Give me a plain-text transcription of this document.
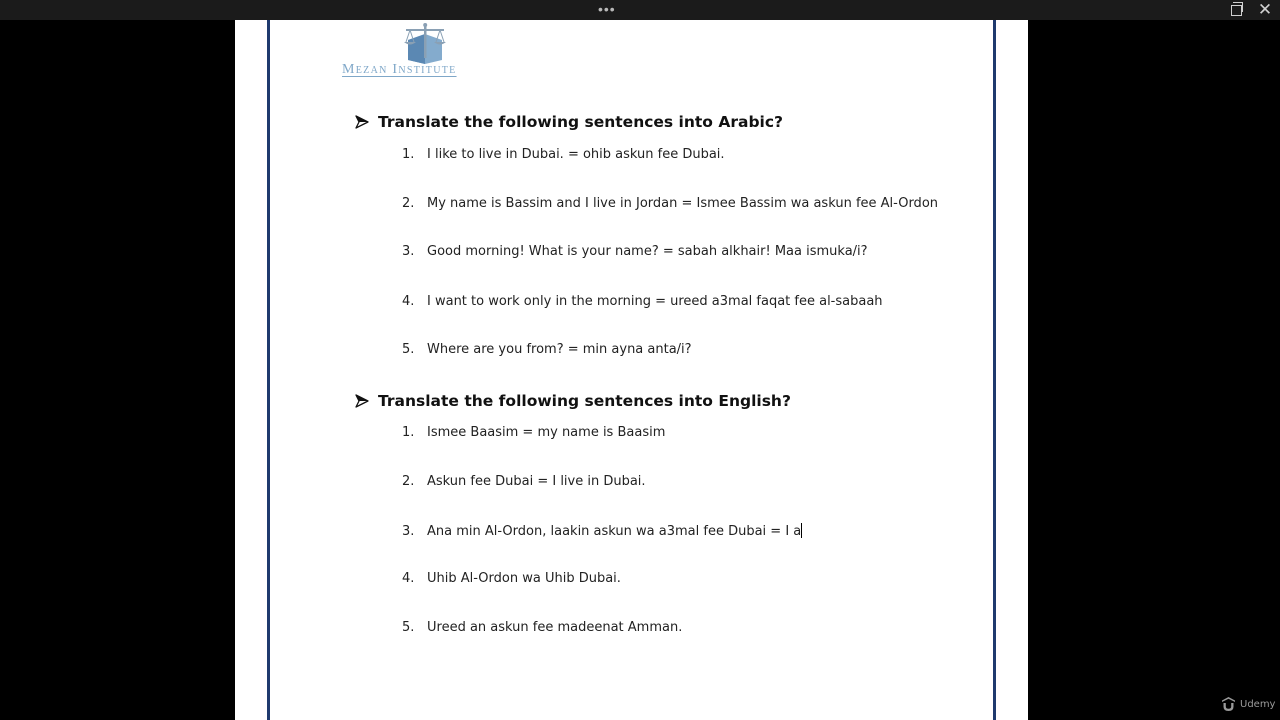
•••	✕
Mezan Institute
Translate the following sentences into Arabic?
1. I like to live in Dubai. = ohib askun fee Dubai.
2. My name is Bassim and I live in Jordan = Ismee Bassim wa askun fee Al-Ordon
3. Good morning! What is your name? = sabah alkhair! Maa ismuka/i?
4. I want to work only in the morning = ureed a3mal faqat fee al-sabaah
5. Where are you from? = min ayna anta/i?
Translate the following sentences into English?
1. Ismee Baasim = my name is Baasim
2. Askun fee Dubai = I live in Dubai.
3. Ana min Al-Ordon, laakin askun wa a3mal fee Dubai = I a
4. Uhib Al-Ordon wa Uhib Dubai.
5. Ureed an askun fee madeenat Amman.
Udemy
